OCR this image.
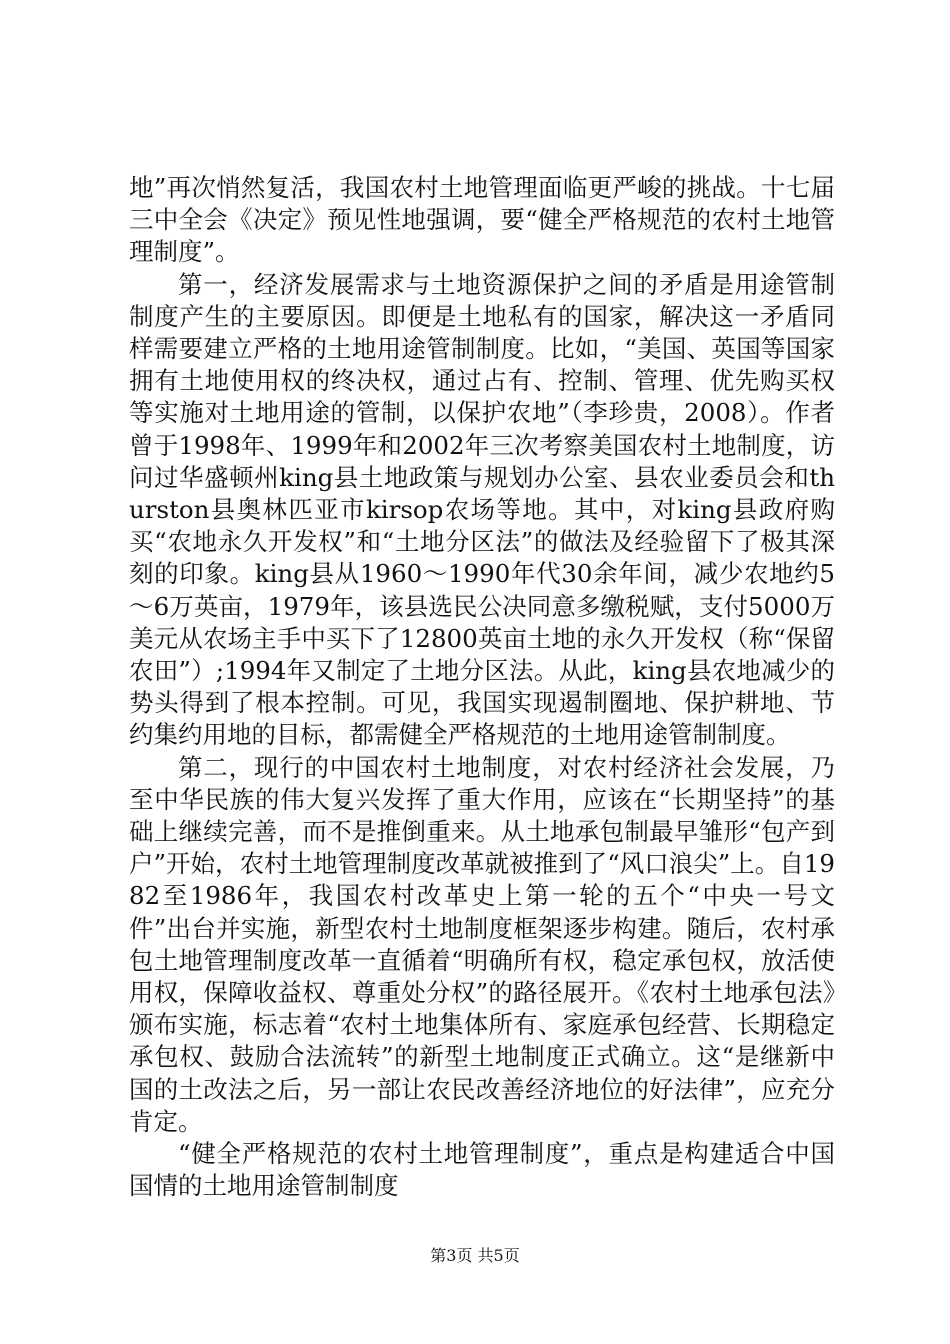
地”再次悄然复活，我国农村土地管理面临更严峻的挑战。十七届三中全会《决定》预见性地强调，要“健全严格规范的农村土地管理制度”。

第一，经济发展需求与土地资源保护之间的矛盾是用途管制制度产生的主要原因。即便是土地私有的国家，解决这一矛盾同样需要建立严格的土地用途管制制度。比如，“美国、英国等国家拥有土地使用权的终决权，通过占有、控制、管理、优先购买权等实施对土地用途的管制，以保护农地”（李珍贵，2008）。作者曾于1998年、1999年和2002年三次考察美国农村土地制度，访问过华盛顿州king县土地政策与规划办公室、县农业委员会和thurston县奥林匹亚市kirsop农场等地。其中，对king县政府购买“农地永久开发权”和“土地分区法”的做法及经验留下了极其深刻的印象。king县从1960～1990年代30余年间，减少农地约5～6万英亩，1979年，该县选民公决同意多缴税赋，支付5000万美元从农场主手中买下了12800英亩土地的永久开发权（称“保留农田”）;1994年又制定了土地分区法。从此，king县农地减少的势头得到了根本控制。可见，我国实现遏制圈地、保护耕地、节约集约用地的目标，都需健全严格规范的土地用途管制制度。

第二，现行的中国农村土地制度，对农村经济社会发展，乃至中华民族的伟大复兴发挥了重大作用，应该在“长期坚持”的基础上继续完善，而不是推倒重来。从土地承包制最早雏形“包产到户”开始，农村土地管理制度改革就被推到了“风口浪尖”上。自1982至1986年，我国农村改革史上第一轮的五个“中央一号文件”出台并实施，新型农村土地制度框架逐步构建。随后，农村承包土地管理制度改革一直循着“明确所有权，稳定承包权，放活使用权，保障收益权、尊重处分权”的路径展开。《农村土地承包法》颁布实施，标志着“农村土地集体所有、家庭承包经营、长期稳定承包权、鼓励合法流转”的新型土地制度正式确立。这“是继新中国的土改法之后，另一部让农民改善经济地位的好法律”，应充分肯定。

“健全严格规范的农村土地管理制度”，重点是构建适合中国国情的土地用途管制制度

第3页 共5页
